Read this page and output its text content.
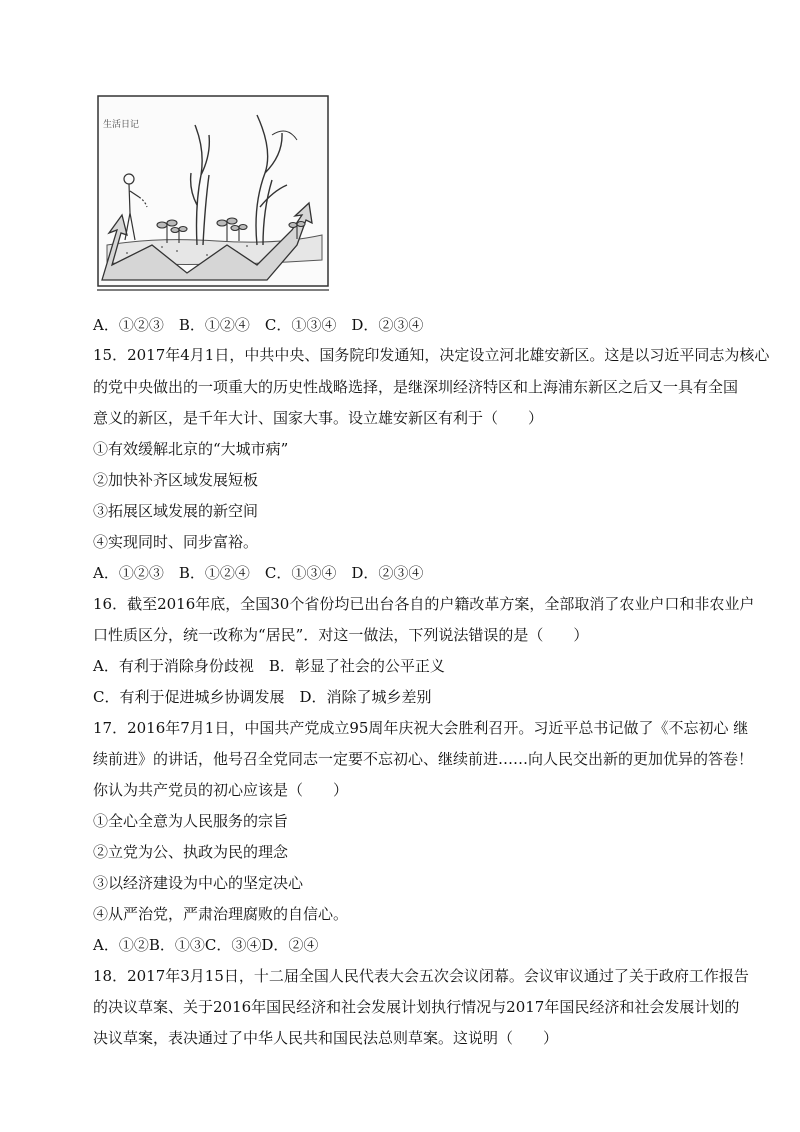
生活日记
A．①②③　B．①②④　C．①③④　D．②③④
15．2017年4月1日，中共中央、国务院印发通知，决定设立河北雄安新区。这是以习近平同志为核心
的党中央做出的一项重大的历史性战略选择，是继深圳经济特区和上海浦东新区之后又一具有全国
意义的新区，是千年大计、国家大事。设立雄安新区有利于（　　）
①有效缓解北京的“大城市病”
②加快补齐区域发展短板
③拓展区域发展的新空间
④实现同时、同步富裕。
A．①②③　B．①②④　C．①③④　D．②③④
16．截至2016年底，全国30个省份均已出台各自的户籍改革方案，全部取消了农业户口和非农业户
口性质区分，统一改称为“居民”．对这一做法，下列说法错误的是（　　）
A．有利于消除身份歧视　B．彰显了社会的公平正义
C．有利于促进城乡协调发展　D．消除了城乡差别
17．2016年7月1日，中国共产党成立95周年庆祝大会胜利召开。习近平总书记做了《不忘初心 继
续前进》的讲话，他号召全党同志一定要不忘初心、继续前进……向人民交出新的更加优异的答卷！
你认为共产党员的初心应该是（　　）
①全心全意为人民服务的宗旨
②立党为公、执政为民的理念
③以经济建设为中心的坚定决心
④从严治党，严肃治理腐败的自信心。
A．①②B．①③C．③④D．②④
18．2017年3月15日，十二届全国人民代表大会五次会议闭幕。会议审议通过了关于政府工作报告
的决议草案、关于2016年国民经济和社会发展计划执行情况与2017年国民经济和社会发展计划的
决议草案，表决通过了中华人民共和国民法总则草案。这说明（　　）
